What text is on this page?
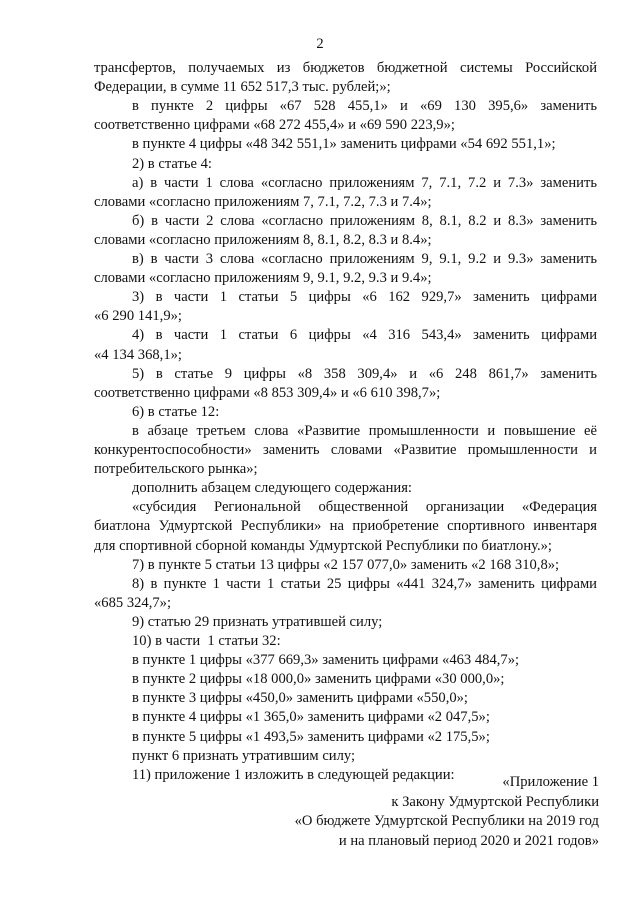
2
трансфертов, получаемых из бюджетов бюджетной системы Российской
Федерации, в сумме 11 652 517,3 тыс. рублей;»;
в пункте 2 цифры «67 528 455,1» и «69 130 395,6» заменить
соответственно цифрами «68 272 455,4» и «69 590 223,9»;
в пункте 4 цифры «48 342 551,1» заменить цифрами «54 692 551,1»;
2) в статье 4:
а) в части 1 слова «согласно приложениям 7, 7.1, 7.2 и 7.3» заменить
словами «согласно приложениям 7, 7.1, 7.2, 7.3 и 7.4»;
б) в части 2 слова «согласно приложениям 8, 8.1, 8.2 и 8.3» заменить
словами «согласно приложениям 8, 8.1, 8.2, 8.3 и 8.4»;
в) в части 3 слова «согласно приложениям 9, 9.1, 9.2 и 9.3» заменить
словами «согласно приложениям 9, 9.1, 9.2, 9.3 и 9.4»;
3) в части 1 статьи 5 цифры «6 162 929,7» заменить цифрами
«6 290 141,9»;
4) в части 1 статьи 6 цифры «4 316 543,4» заменить цифрами
«4 134 368,1»;
5) в статье 9 цифры «8 358 309,4» и «6 248 861,7» заменить
соответственно цифрами «8 853 309,4» и «6 610 398,7»;
6) в статье 12:
в абзаце третьем слова «Развитие промышленности и повышение её
конкурентоспособности» заменить словами «Развитие промышленности и
потребительского рынка»;
дополнить абзацем следующего содержания:
«субсидия Региональной общественной организации «Федерация
биатлона Удмуртской Республики» на приобретение спортивного инвентаря
для спортивной сборной команды Удмуртской Республики по биатлону.»;
7) в пункте 5 статьи 13 цифры «2 157 077,0» заменить «2 168 310,8»;
8) в пункте 1 части 1 статьи 25 цифры «441 324,7» заменить цифрами
«685 324,7»;
9) статью 29 признать утратившей силу;
10) в части  1 статьи 32:
в пункте 1 цифры «377 669,3» заменить цифрами «463 484,7»;
в пункте 2 цифры «18 000,0» заменить цифрами «30 000,0»;
в пункте 3 цифры «450,0» заменить цифрами «550,0»;
в пункте 4 цифры «1 365,0» заменить цифрами «2 047,5»;
в пункте 5 цифры «1 493,5» заменить цифрами «2 175,5»;
пункт 6 признать утратившим силу;
11) приложение 1 изложить в следующей редакции:	«Приложение 1
к Закону Удмуртской Республики
«О бюджете Удмуртской Республики на 2019 год
и на плановый период 2020 и 2021 годов»
